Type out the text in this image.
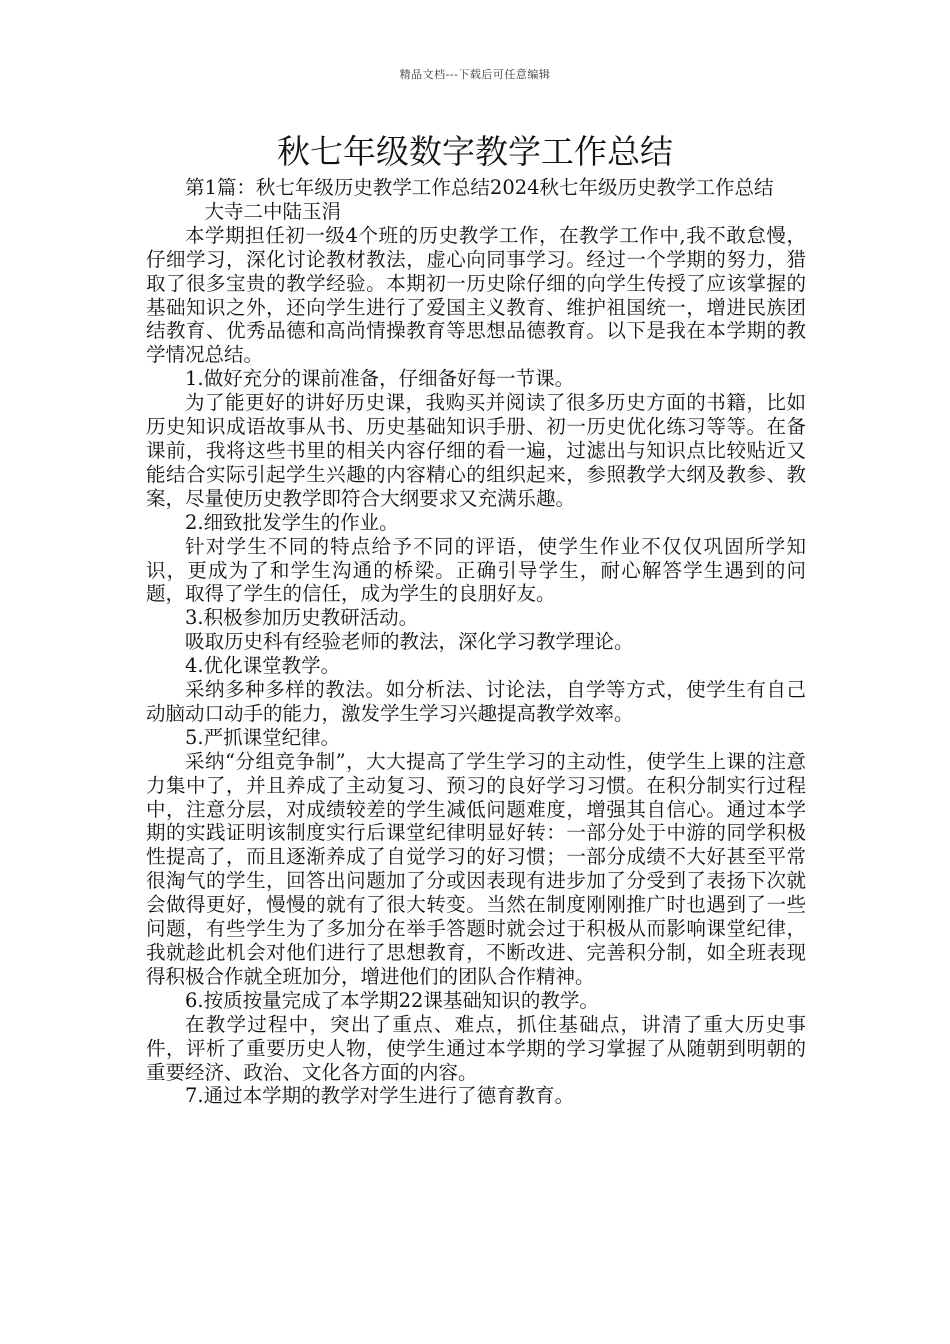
精品文档---下载后可任意编辑
秋七年级数字教学工作总结

第1篇：秋七年级历史教学工作总结2024秋七年级历史教学工作总结

大寺二中陆玉涓

本学期担任初一级4个班的历史教学工作，在教学工作中,我不敢怠慢，仔细学习，深化讨论教材教法，虚心向同事学习。经过一个学期的努力，猎取了很多宝贵的教学经验。本期初一历史除仔细的向学生传授了应该掌握的基础知识之外，还向学生进行了爱国主义教育、维护祖国统一，增进民族团结教育、优秀品德和高尚情操教育等思想品德教育。以下是我在本学期的教学情况总结。

1.做好充分的课前准备，仔细备好每一节课。

为了能更好的讲好历史课，我购买并阅读了很多历史方面的书籍，比如历史知识成语故事从书、历史基础知识手册、初一历史优化练习等等。在备课前，我将这些书里的相关内容仔细的看一遍，过滤出与知识点比较贴近又能结合实际引起学生兴趣的内容精心的组织起来，参照教学大纲及教参、教案，尽量使历史教学即符合大纲要求又充满乐趣。

2.细致批发学生的作业。

针对学生不同的特点给予不同的评语，使学生作业不仅仅巩固所学知识，更成为了和学生沟通的桥梁。正确引导学生，耐心解答学生遇到的问题，取得了学生的信任，成为学生的良朋好友。

3.积极参加历史教研活动。

吸取历史科有经验老师的教法，深化学习教学理论。

4.优化课堂教学。

采纳多种多样的教法。如分析法、讨论法，自学等方式，使学生有自己动脑动口动手的能力，激发学生学习兴趣提高教学效率。

5.严抓课堂纪律。

采纳“分组竞争制”，大大提高了学生学习的主动性，使学生上课的注意力集中了，并且养成了主动复习、预习的良好学习习惯。在积分制实行过程中，注意分层，对成绩较差的学生减低问题难度，增强其自信心。通过本学期的实践证明该制度实行后课堂纪律明显好转：一部分处于中游的同学积极性提高了，而且逐渐养成了自觉学习的好习惯；一部分成绩不大好甚至平常很淘气的学生，回答出问题加了分或因表现有进步加了分受到了表扬下次就会做得更好，慢慢的就有了很大转变。当然在制度刚刚推广时也遇到了一些问题，有些学生为了多加分在举手答题时就会过于积极从而影响课堂纪律，我就趁此机会对他们进行了思想教育，不断改进、完善积分制，如全班表现得积极合作就全班加分，增进他们的团队合作精神。

6.按质按量完成了本学期22课基础知识的教学。

在教学过程中，突出了重点、难点，抓住基础点，讲清了重大历史事件，评析了重要历史人物，使学生通过本学期的学习掌握了从随朝到明朝的重要经济、政治、文化各方面的内容。

7.通过本学期的教学对学生进行了德育教育。
